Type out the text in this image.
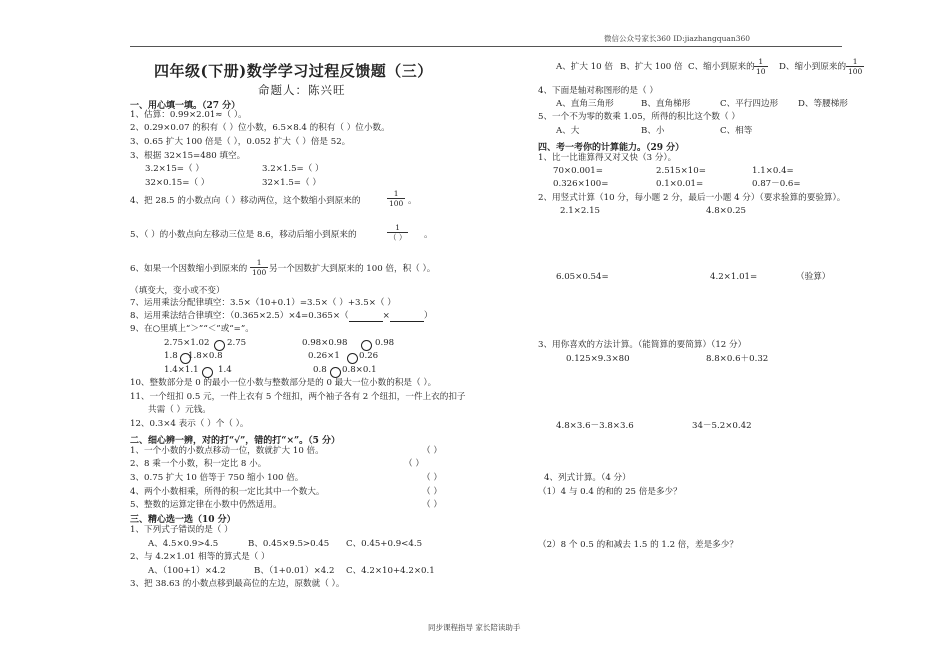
微信公众号家长360 ID:jiazhangquan360
同步课程指导 家长陪读助手
四年级(下册)数学学习过程反馈题（三）
命题人：陈兴旺
一、用心填一填。（27 分）
1、估算：0.99×2.01≈（ ）。
2、0.29×0.07 的积有（ ）位小数，6.5×8.4 的积有（ ）位小数。
3、0.65 扩大 100 倍是（ ），0.052 扩大（ ）倍是 52。
3、根据 32×15=480 填空。
3.2×15=（ ）	3.2×1.5=（ ）
32×0.15=（ ）	32×1.5=（ ）
4、把 28.5 的小数点向（ ）移动两位，这个数缩小到原来的	$\frac{1}{100}$ 。
5、（ ）的小数点向左移动三位是 8.6，移动后缩小到原来的
1
（ ） 。
6、如果一个因数缩小到原来的 $\frac{1}{100}$ 另一个因数扩大到原来的 100 倍，积（ ）。
（填变大，变小或不变）
7、运用乘法分配律填空：3.5×（10+0.1）=3.5×（ ）+3.5×（ ）
8、运用乘法结合律填空：（0.365×2.5）×4=0.365×（	×	）
9、在○里填上“＞”“＜”或“=”。
2.75×1.02 2.75	0.98×0.98	0.98
1.8 1.8×0.8	0.26×1 0.26
1.4×1.1 1.4	0.8 0.8×0.1
10、整数部分是 0 的最小一位小数与整数部分是的 0 最大一位小数的积是（ ）。
11、一个纽扣 0.5 元，一件上衣有 5 个纽扣，两个袖子各有 2 个纽扣，一件上衣的扣子
共需（ ）元钱。
12、0.3×4 表示（ ）个（ ）。
二、细心辨一辨，对的打“√”，错的打“×”。（5 分）
1、一个小数的小数点移动一位，数就扩大 10 倍。	（ ）
2、8 乘一个小数，积一定比 8 小。	（ ）
3、0.75 扩大 10 倍等于 750 缩小 100 倍。	（ ）
4、两个小数相乘，所得的积一定比其中一个数大。	（ ）
5、整数的运算定律在小数中仍然适用。	（ ）
三、精心选一选（10 分）
1、下列式子错误的是（ ）
A、4.5×0.9>4.5	B、0.45×9.5>0.45 C、0.45+0.9<4.5
2、与 4.2×1.01 相等的算式是（ ）
A、（100+1）×4.2	B、（1+0.01）×4.2 C、4.2×10+4.2×0.1
3、把 38.63 的小数点移到最高位的左边，原数就（ ）。
A、扩大 10 倍 B、扩大 100 倍 C、缩小到原来的 $\frac{1}{10}$ D、缩小到原来的 $\frac{1}{100}$
4、下面是轴对称图形的是（ ）
A、直角三角形	B、直角梯形	C、平行四边形 D、等腰梯形
5、一个不为零的数乘 1.05，所得的积比这个数（ ）
A、大	B、小	C、相等
四、考一考你的计算能力。（29 分）
1、比一比谁算得又对又快（3 分）。
70×0.001=	2.515×10=	1.1×0.4=
0.326×100=	0.1×0.01=	0.87－0.6=
2、用竖式计算（10 分，每小题 2 分，最后一小题 4 分）（要求验算的要验算）。
2.1×2.15	4.8×0.25
6.05×0.54=	4.2×1.01=	（验算）
3、用你喜欢的方法计算。（能简算的要简算）（12 分）
0.125×9.3×80	8.8×0.6＋0.32
4.8×3.6－3.8×3.6	34－5.2×0.42
4、列式计算。（4 分）
（1）4 与 0.4 的和的 25 倍是多少？
（2）8 个 0.5 的和减去 1.5 的 1.2 倍，差是多少？
